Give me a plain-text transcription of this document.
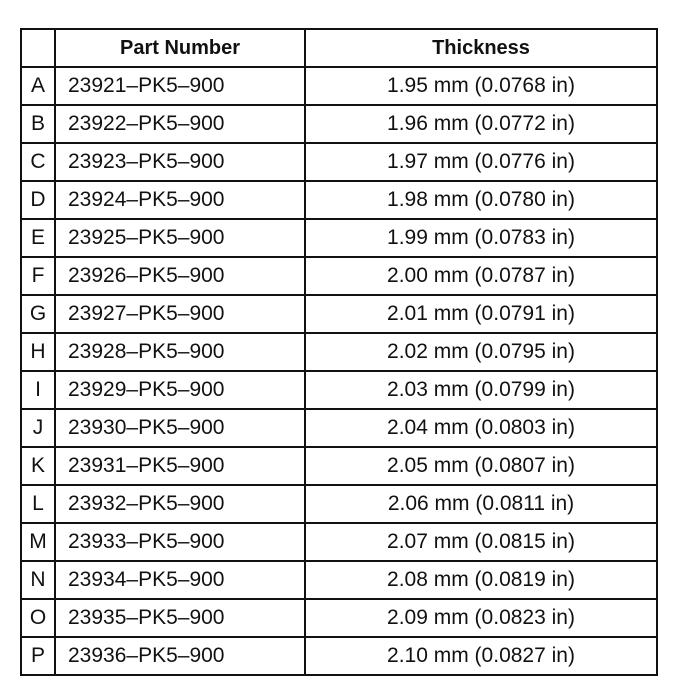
	Part Number	Thickness
A	23921–PK5–900	1.95 mm (0.0768 in)
B	23922–PK5–900	1.96 mm (0.0772 in)
C	23923–PK5–900	1.97 mm (0.0776 in)
D	23924–PK5–900	1.98 mm (0.0780 in)
E	23925–PK5–900	1.99 mm (0.0783 in)
F	23926–PK5–900	2.00 mm (0.0787 in)
G	23927–PK5–900	2.01 mm (0.0791 in)
H	23928–PK5–900	2.02 mm (0.0795 in)
I	23929–PK5–900	2.03 mm (0.0799 in)
J	23930–PK5–900	2.04 mm (0.0803 in)
K	23931–PK5–900	2.05 mm (0.0807 in)
L	23932–PK5–900	2.06 mm (0.0811 in)
M	23933–PK5–900	2.07 mm (0.0815 in)
N	23934–PK5–900	2.08 mm (0.0819 in)
O	23935–PK5–900	2.09 mm (0.0823 in)
P	23936–PK5–900	2.10 mm (0.0827 in)
